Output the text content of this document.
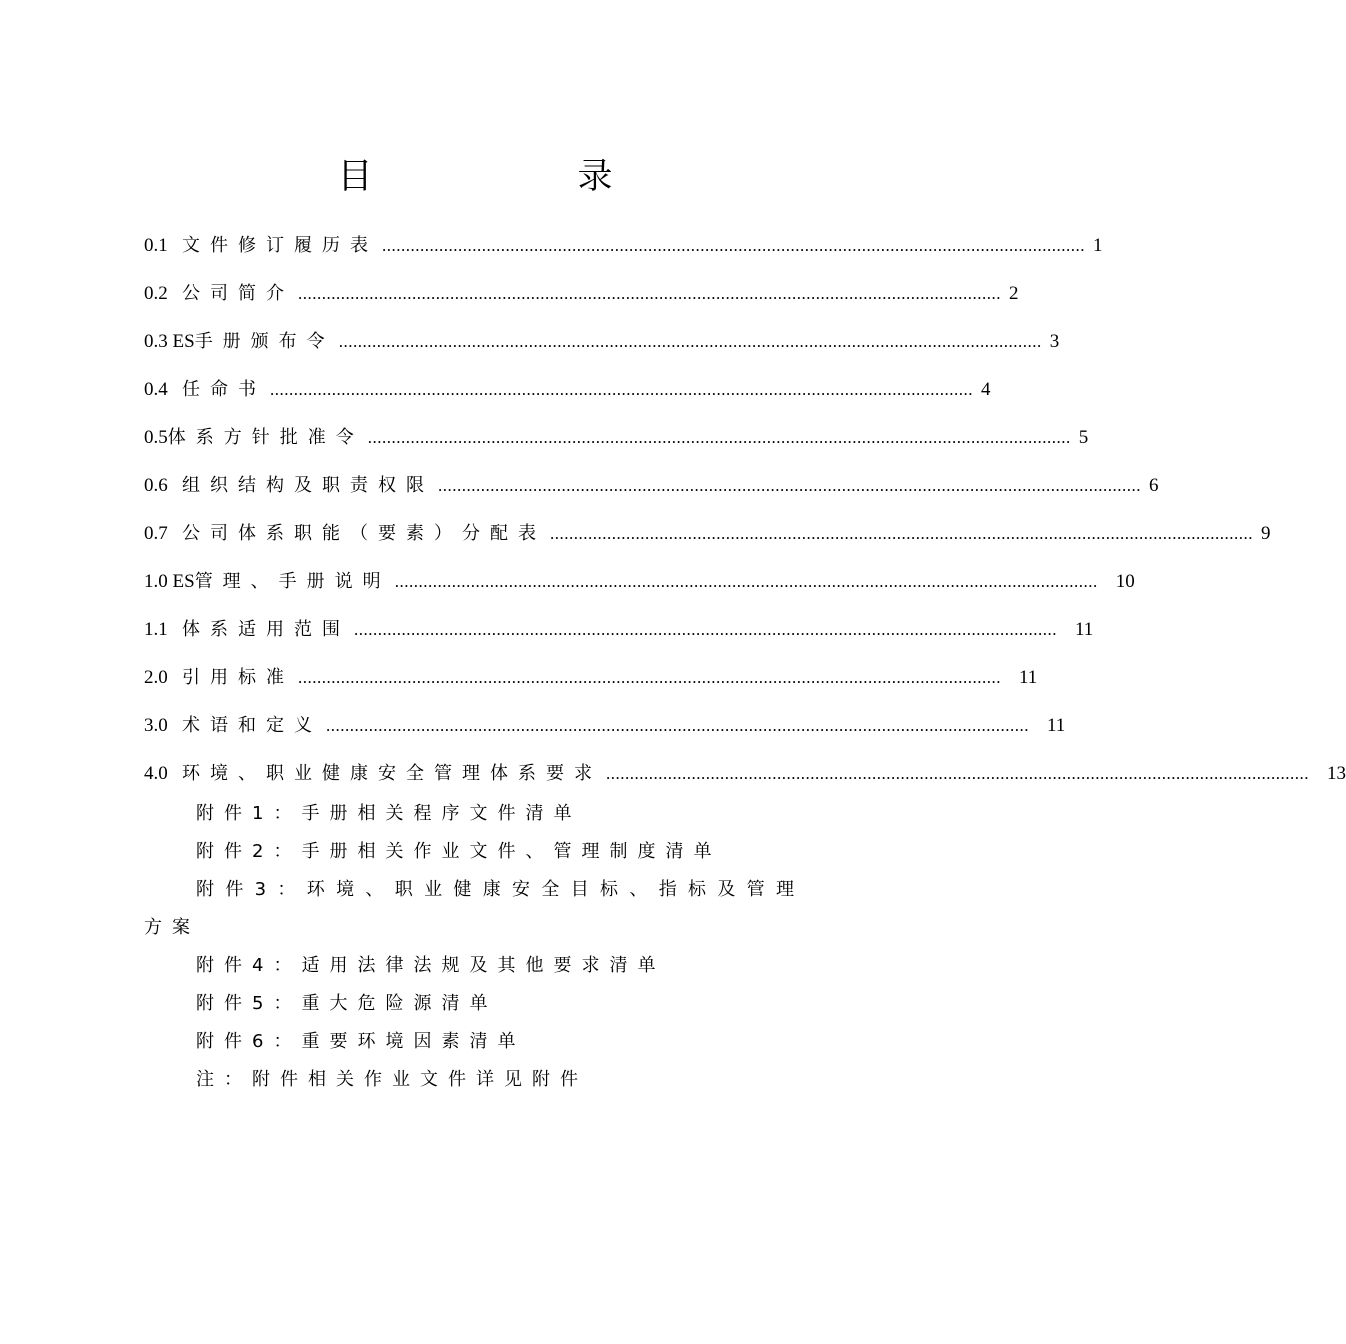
目	录
0.1 文件修订履历表 .................................................................................................................................................... 1
0.2 公司简介 .................................................................................................................................................... 2
0.3 ES 手册颁布令 .................................................................................................................................................... 3
0.4 任命书 .................................................................................................................................................... 4
0.5 体系方针批准令 .................................................................................................................................................... 5
0.6 组织结构及职责权限 .................................................................................................................................................... 6
0.7 公司体系职能（要素）分配表 .................................................................................................................................................... 9
1.0 ES 管理、手册说明 .................................................................................................................................................... 10
1.1 体系适用范围 .................................................................................................................................................... 11
2.0 引用标准 .................................................................................................................................................... 11
3.0 术语和定义 .................................................................................................................................................... 11
4.0 环境、职业健康安全管理体系要求 .................................................................................................................................................... 13

附件1：手册相关程序文件清单

附件2：手册相关作业文件、管理制度清单

附件3：环境、职业健康安全目标、指标及管理方案

附件4：适用法律法规及其他要求清单

附件5：重大危险源清单

附件6：重要环境因素清单

注：附件相关作业文件详见附件
